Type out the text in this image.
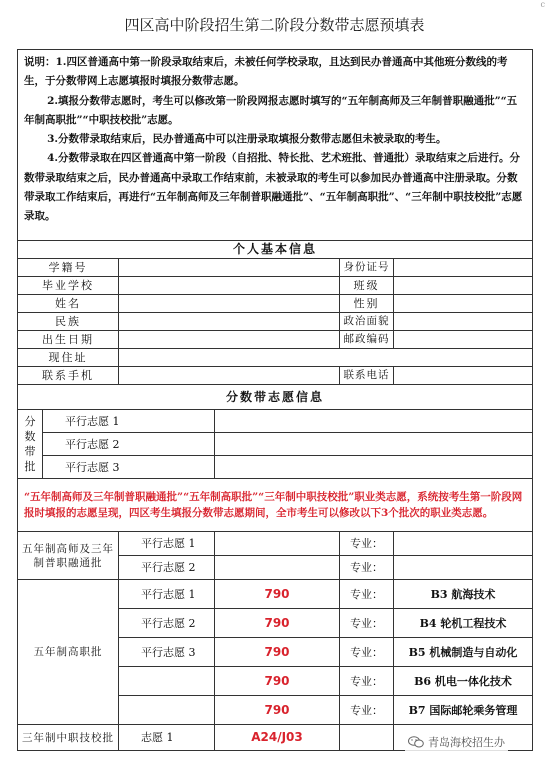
c
四区高中阶段招生第二阶段分数带志愿预填表

说明：1.四区普通高中第一阶段录取结束后，未被任何学校录取，且达到民办普通高中其他班分数线的考生，于分数带网上志愿填报时填报分数带志愿。

2.填报分数带志愿时，考生可以修改第一阶段网报志愿时填写的“五年制高师及三年制普职融通批”“五年制高职批”“中职技校批”志愿。

3.分数带录取结束后，民办普通高中可以注册录取填报分数带志愿但未被录取的考生。

4.分数带录取在四区普通高中第一阶段（自招批、特长批、艺术班批、普通批）录取结束之后进行。分数带录取结束之后，民办普通高中录取工作结束前，未被录取的考生可以参加民办普通高中注册录取。分数带录取工作结束后，再进行“五年制高师及三年制普职融通批”、“五年制高职批”、“三年制中职技校批”志愿录取。					

个人基本信息					
学籍号				身份证号	
毕业学校				班级	
姓名				性别	
民族				政治面貌	
出生日期				邮政编码	
现住址					
联系手机				联系电话	
分数带志愿信息					

分
数
带
批	平行志愿 1				
	平行志愿 2				
	平行志愿 3				
“五年制高师及三年制普职融通批”“五年制高职批”“三年制中职技校批”职业类志愿，系统按考生第一阶段网报时填报的志愿呈现，四区考生填报分数带志愿期间，全市考生可以修改以下3个批次的职业类志愿。					
五年制高师及三年制普职融通批		平行志愿 1		专业：	
		平行志愿 2		专业：	
五年制高职批		平行志愿 1	790	专业：	B3 航海技术
		平行志愿 2	790	专业：	B4 轮机工程技术
		平行志愿 3	790	专业：	B5 机械制造与自动化
			790	专业：	B6 机电一体化技术
			790	专业：	B7 国际邮轮乘务管理
三年制中职技校批		志愿 1	A24/J03			青岛海校招生办
